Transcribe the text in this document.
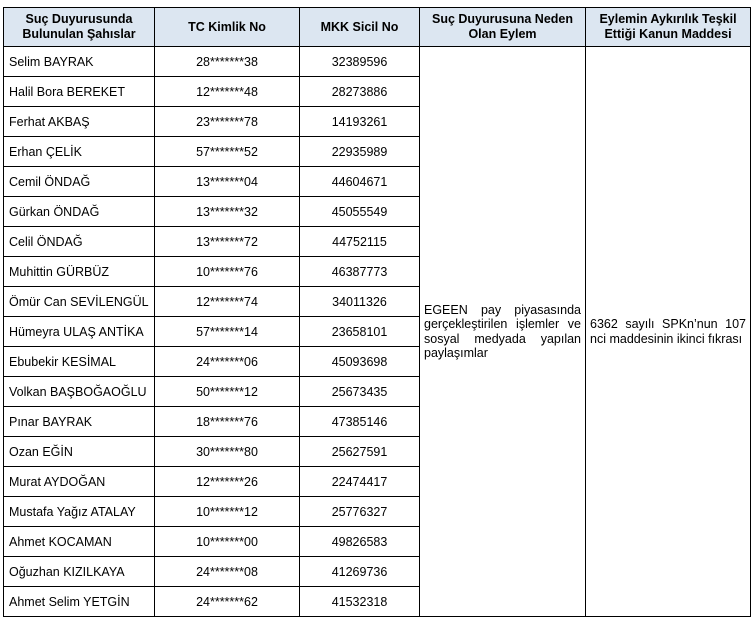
Suç Duyurusunda Bulunulan Şahıslar	TC Kimlik No	MKK Sicil No	Suç Duyurusuna Neden Olan Eylem	Eylemin Aykırılık Teşkil Ettiği Kanun Maddesi
Selim BAYRAK	28*******38	32389596	EGEEN pay piyasasında gerçekleştirilen işlemler ve sosyal medyada yapılan paylaşımlar	6362 sayılı SPKn’nun 107 nci maddesinin ikinci fıkrası
Halil Bora BEREKET	12*******48	28273886		
Ferhat AKBAŞ	23*******78	14193261		
Erhan ÇELİK	57*******52	22935989		
Cemil ÖNDAĞ	13*******04	44604671		
Gürkan ÖNDAĞ	13*******32	45055549		
Celil ÖNDAĞ	13*******72	44752115		
Muhittin GÜRBÜZ	10*******76	46387773		
Ömür Can SEVİLENGÜL	12*******74	34011326		
Hümeyra ULAŞ ANTİKA	57*******14	23658101		
Ebubekir KESİMAL	24*******06	45093698		
Volkan BAŞBOĞAOĞLU	50*******12	25673435		
Pınar BAYRAK	18*******76	47385146		
Ozan EĞİN	30*******80	25627591		
Murat AYDOĞAN	12*******26	22474417		
Mustafa Yağız ATALAY	10*******12	25776327		
Ahmet KOCAMAN	10*******00	49826583		
Oğuzhan KIZILKAYA	24*******08	41269736		
Ahmet Selim YETGİN	24*******62	41532318		
